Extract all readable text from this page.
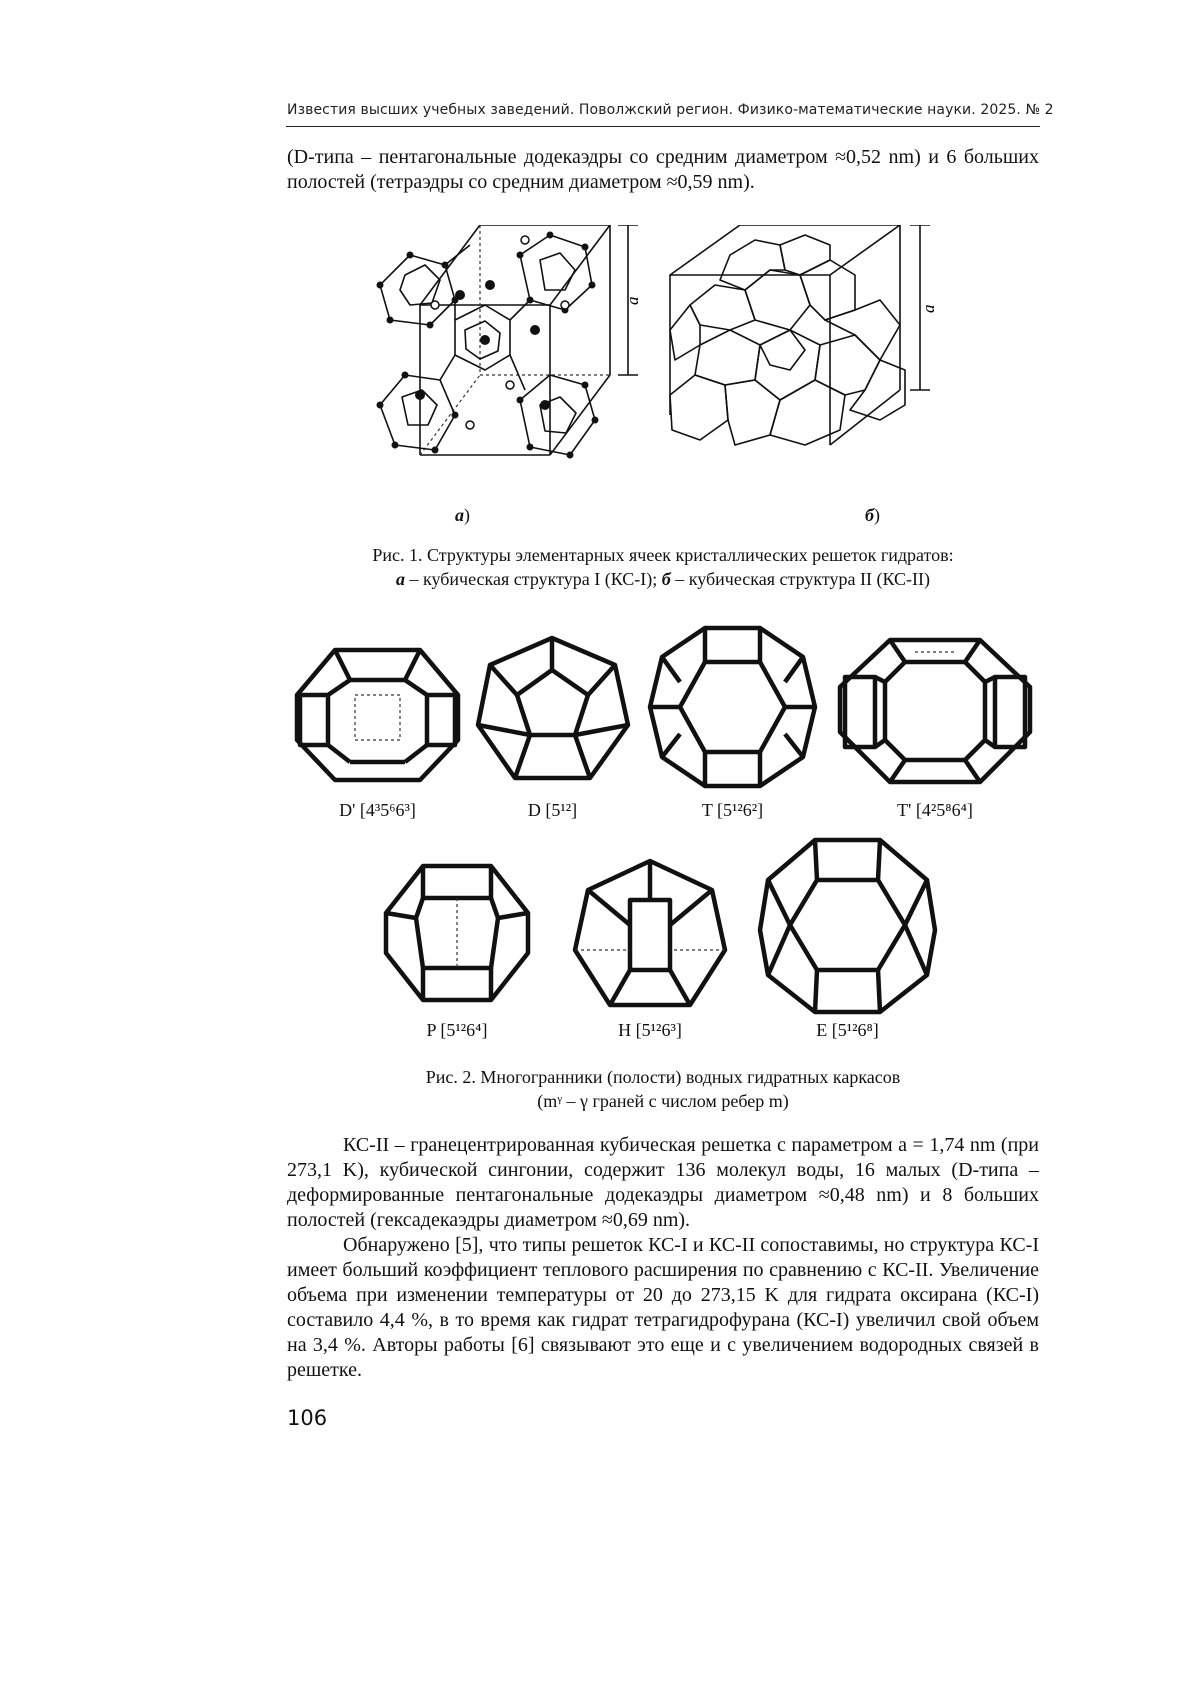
Известия высших учебных заведений. Поволжский регион. Физико-математические науки. 2025. № 2

(D-типа – пентагональные додекаэдры со средним диаметром ≈0,52 nm) и 6 больших полостей (тетраэдры со средним диаметром ≈0,59 nm).

a
a
а)	б)
Рис. 1. Структуры элементарных ячеек кристаллических решеток гидратов:
а – кубическая структура I (КС-I); б – кубическая структура II (КС-II)
D' [4³5⁶6³]	D [5¹²]	T [5¹²6²]	T' [4²5⁸6⁴]
P [5¹²6⁴]	H [5¹²6³]	E [5¹²6⁸]
Рис. 2. Многогранники (полости) водных гидратных каркасов
(mᵞ – γ граней с числом ребер m)

КС-II – гранецентрированная кубическая решетка с параметром a = 1,74 nm (при 273,1 K), кубической сингонии, содержит 136 молекул воды, 16 малых (D-типа – деформированные пентагональные додекаэдры диаметром ≈0,48 nm) и 8 больших полостей (гексадекаэдры диаметром ≈0,69 nm).

Обнаружено [5], что типы решеток КС-I и КС-II сопоставимы, но структура КС-I имеет больший коэффициент теплового расширения по сравнению с КС-II. Увеличение объема при изменении температуры от 20 до 273,15 K для гидрата оксирана (КС-I) составило 4,4 %, в то время как гидрат тетрагидрофурана (КС-I) увеличил свой объем на 3,4 %. Авторы работы [6] связывают это еще и с увеличением водородных связей в решетке.

106
